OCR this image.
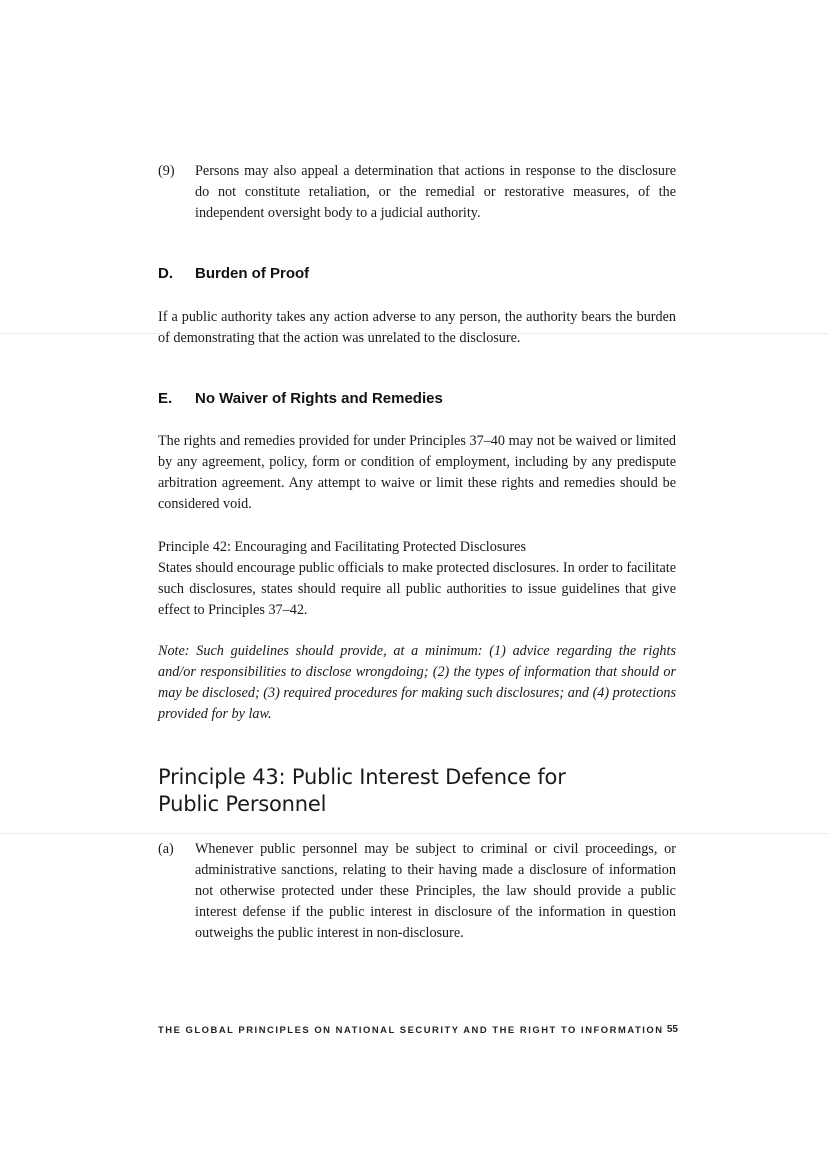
(9)	Persons may also appeal a determination that actions in response to the disclosure do not constitute retaliation, or the remedial or restorative measures, of the independent oversight body to a judicial authority.
D.	Burden of Proof

If a public authority takes any action adverse to any person, the authority bears the burden of demonstrating that the action was unrelated to the disclosure.

E.	No Waiver of Rights and Remedies

The rights and remedies provided for under Principles 37–40 may not be waived or limited by any agreement, policy, form or condition of employment, including by any predispute arbitration agreement. Any attempt to waive or limit these rights and remedies should be considered void.

Principle 42: Encouraging and Facilitating Protected Disclosures

States should encourage public officials to make protected disclosures. In order to facilitate such disclosures, states should require all public authorities to issue guidelines that give effect to Principles 37–42.

Note: Such guidelines should provide, at a minimum: (1) advice regarding the rights and/or responsibilities to disclose wrongdoing; (2) the types of information that should or may be disclosed; (3) required procedures for making such disclosures; and (4) protections provided for by law.

Principle 43: Public Interest Defence for Public Personnel
(a)	Whenever public personnel may be subject to criminal or civil proceedings, or administrative sanctions, relating to their having made a disclosure of information not otherwise protected under these Principles, the law should provide a public interest defense if the public interest in disclosure of the information in question outweighs the public interest in non-disclosure.
THE GLOBAL PRINCIPLES ON NATIONAL SECURITY AND THE RIGHT TO INFORMATION 55
